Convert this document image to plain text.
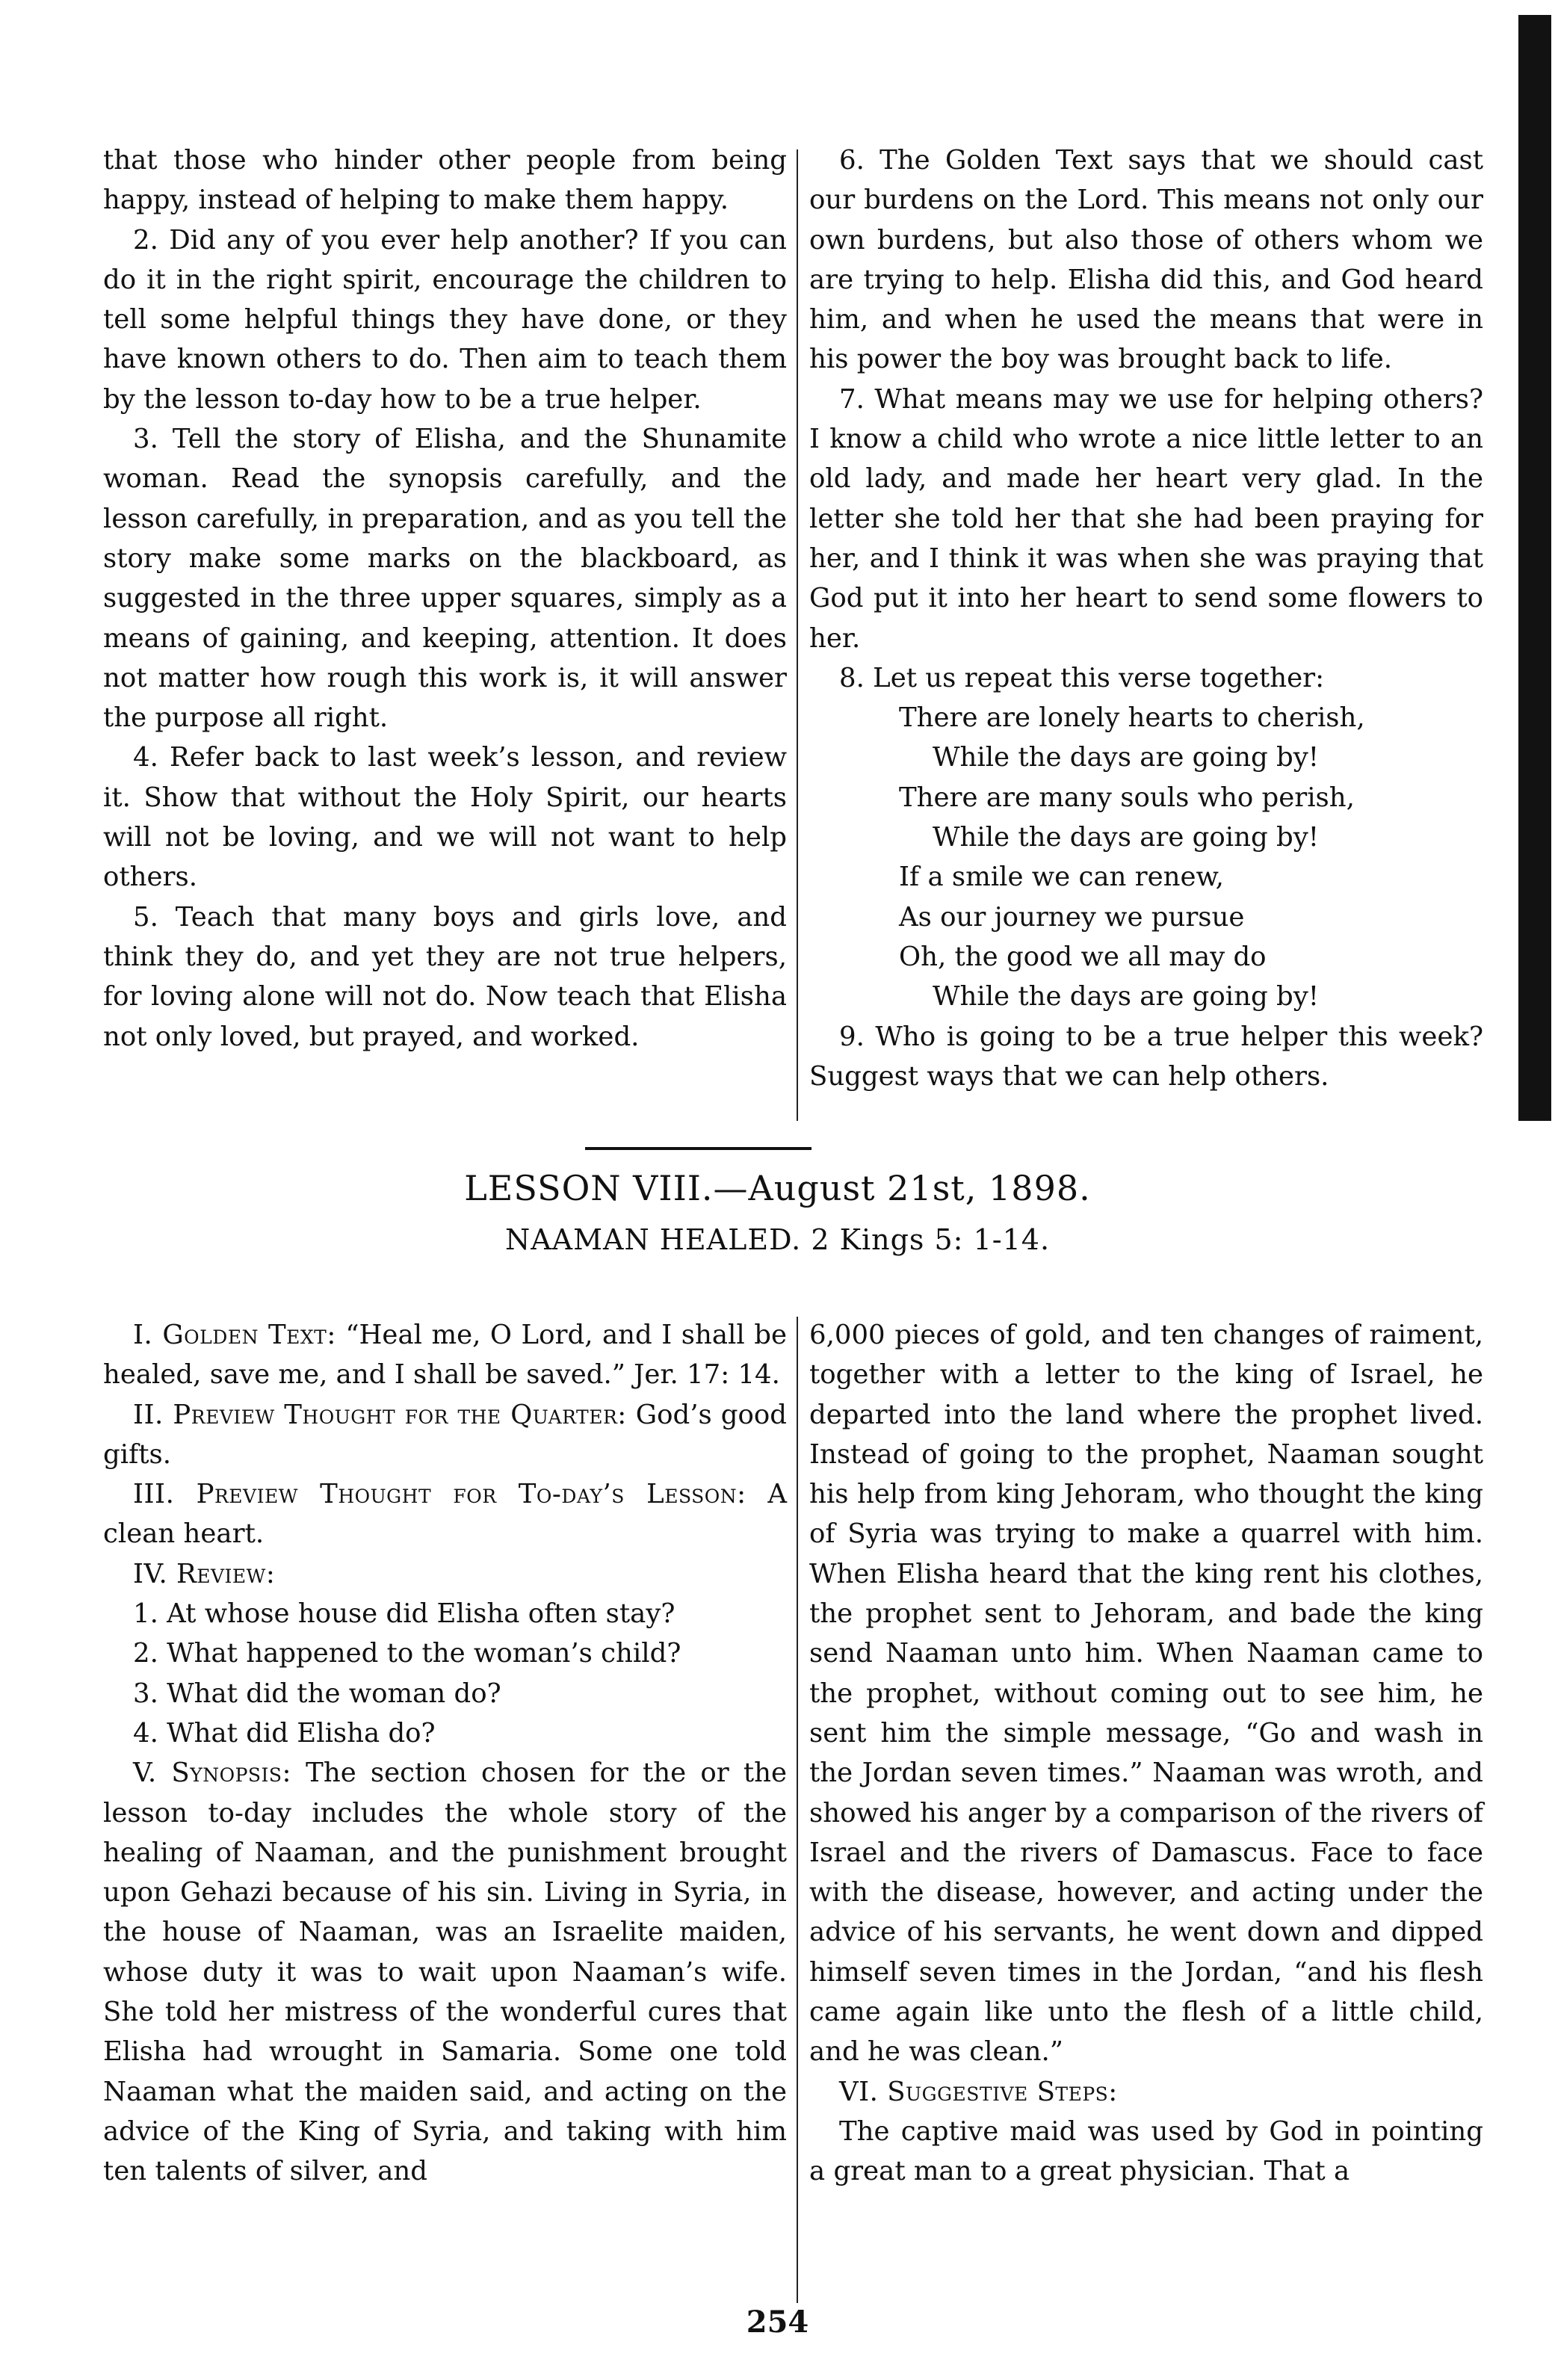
that those who hinder other people from being happy, instead of helping to make them happy.

2. Did any of you ever help another? If you can do it in the right spirit, encourage the children to tell some helpful things they have done, or they have known others to do. Then aim to teach them by the lesson to-day how to be a true helper.

3. Tell the story of Elisha, and the Shunamite woman. Read the synopsis carefully, and the lesson carefully, in preparation, and as you tell the story make some marks on the blackboard, as suggested in the three upper squares, simply as a means of gaining, and keeping, attention. It does not matter how rough this work is, it will answer the purpose all right.

4. Refer back to last week’s lesson, and review it. Show that without the Holy Spirit, our hearts will not be loving, and we will not want to help others.

5. Teach that many boys and girls love, and think they do, and yet they are not true helpers, for loving alone will not do. Now teach that Elisha not only loved, but prayed, and worked.

6. The Golden Text says that we should cast our burdens on the Lord. This means not only our own burdens, but also those of others whom we are trying to help. Elisha did this, and God heard him, and when he used the means that were in his power the boy was brought back to life.

7. What means may we use for helping others? I know a child who wrote a nice little letter to an old lady, and made her heart very glad. In the letter she told her that she had been praying for her, and I think it was when she was praying that God put it into her heart to send some flowers to her.

8. Let us repeat this verse together:

There are lonely hearts to cherish,
While the days are going by!
There are many souls who perish,
While the days are going by!
If a smile we can renew,
As our journey we pursue
Oh, the good we all may do
While the days are going by!

9. Who is going to be a true helper this week? Suggest ways that we can help others.

LESSON VIII.—August 21st, 1898.
NAAMAN HEALED. 2 Kings 5: 1-14.

I. Golden Text: “Heal me, O Lord, and I shall be healed, save me, and I shall be saved.” Jer. 17: 14.

II. Preview Thought for the Quarter: God’s good gifts.

III. Preview Thought for To-day’s Lesson: A clean heart.

IV. Review:

1. At whose house did Elisha often stay?

2. What happened to the woman’s child?

3. What did the woman do?

4. What did Elisha do?

V. Synopsis: The section chosen for the or the lesson to-day includes the whole story of the healing of Naaman, and the punishment brought upon Gehazi because of his sin. Living in Syria, in the house of Naaman, was an Israelite maiden, whose duty it was to wait upon Naaman’s wife. She told her mistress of the wonderful cures that Elisha had wrought in Samaria. Some one told Naaman what the maiden said, and acting on the advice of the King of Syria, and taking with him ten talents of silver, and

6,000 pieces of gold, and ten changes of raiment, together with a letter to the king of Israel, he departed into the land where the prophet lived. Instead of going to the prophet, Naaman sought his help from king Jehoram, who thought the king of Syria was trying to make a quarrel with him. When Elisha heard that the king rent his clothes, the prophet sent to Jehoram, and bade the king send Naaman unto him. When Naaman came to the prophet, without coming out to see him, he sent him the simple message, “Go and wash in the Jordan seven times.” Naaman was wroth, and showed his anger by a comparison of the rivers of Israel and the rivers of Damascus. Face to face with the disease, however, and acting under the advice of his servants, he went down and dipped himself seven times in the Jordan, “and his flesh came again like unto the flesh of a little child, and he was clean.”

VI. Suggestive Steps:

The captive maid was used by God in pointing a great man to a great physician. That a

254
